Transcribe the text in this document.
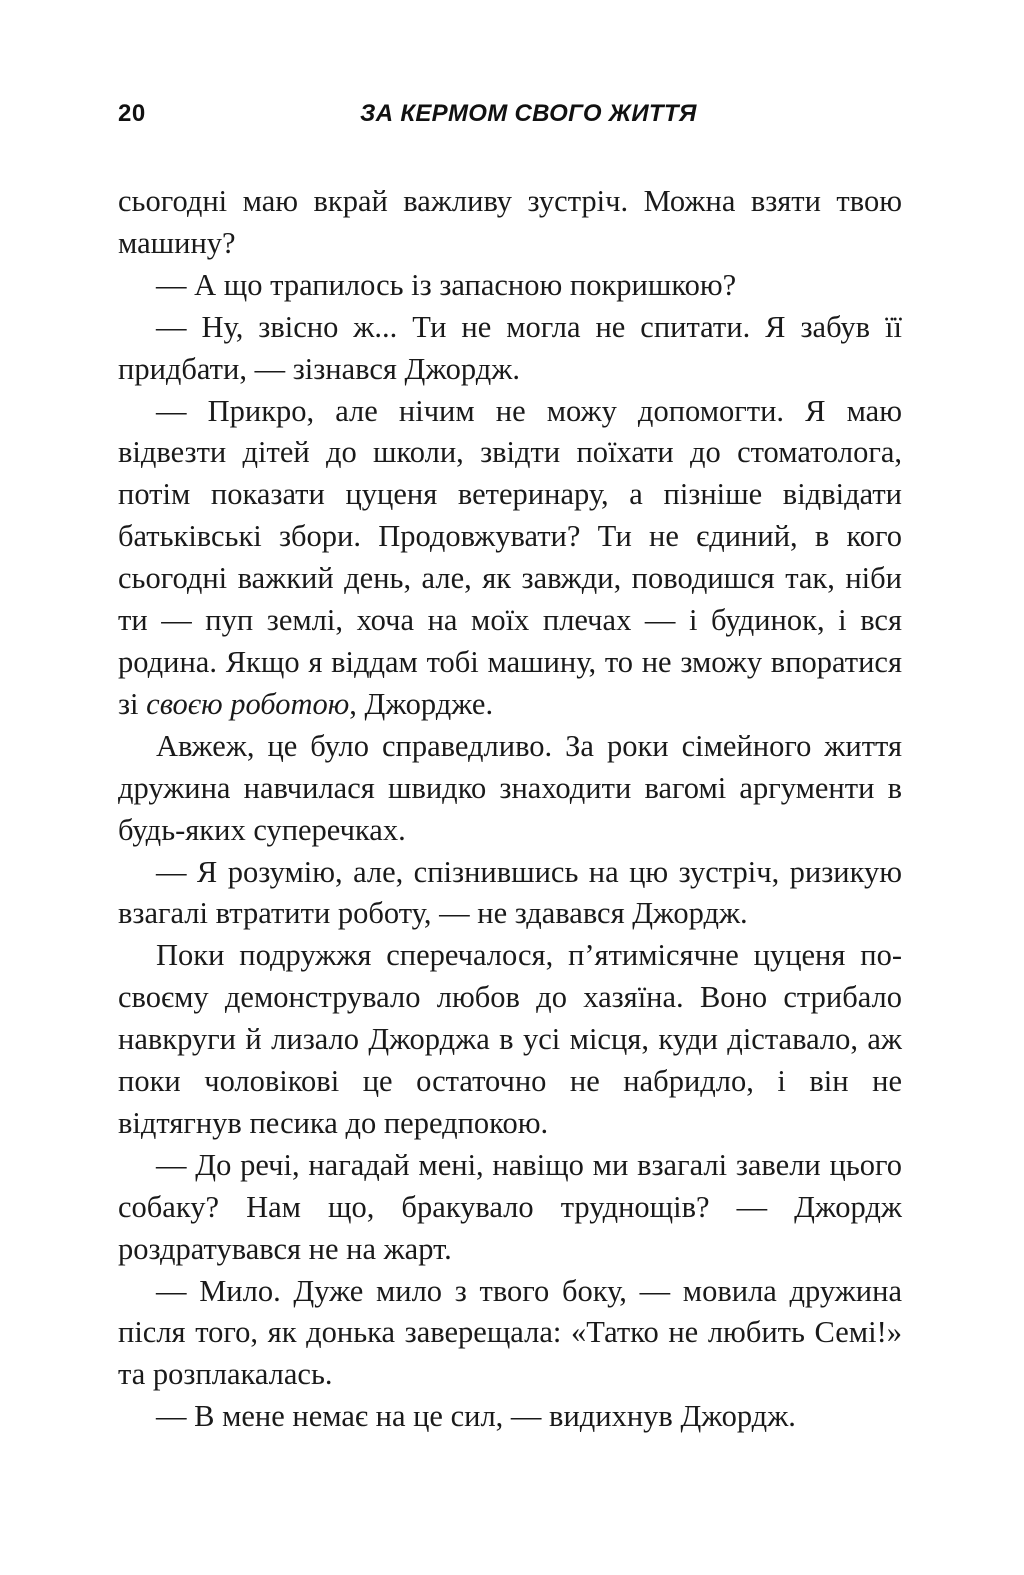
20	ЗА КЕРМОМ СВОГО ЖИТТЯ

сьогодні маю вкрай важливу зустріч. Можна взяти твою машину?

— А що трапилось із запасною покришкою?

— Ну, звісно ж... Ти не могла не спитати. Я забув її придбати, — зізнався Джордж.

— Прикро, але нічим не можу допомогти. Я маю відвезти дітей до школи, звідти поїхати до стоматолога, потім показати цуценя ветеринару, а пізніше відвідати батьківські збори. Продовжувати? Ти не єдиний, в кого сьогодні важкий день, але, як завжди, поводишся так, ніби ти — пуп землі, хоча на моїх плечах — і будинок, і вся родина. Якщо я віддам тобі машину, то не зможу впоратися зі своєю роботою, Джордже.

Авжеж, це було справедливо. За роки сімейного життя дружина навчилася швидко знаходити вагомі аргументи в будь-яких суперечках.

— Я розумію, але, спізнившись на цю зустріч, ризикую взагалі втратити роботу, — не здавався Джордж.

Поки подружжя сперечалося, п’ятимісячне цуценя по-своєму демонструвало любов до хазяїна. Воно стрибало навкруги й лизало Джорджа в усі місця, куди діставало, аж поки чоловікові це остаточно не набридло, і він не відтягнув песика до передпокою.

— До речі, нагадай мені, навіщо ми взагалі завели цього собаку? Нам що, бракувало труднощів? — Джордж роздратувався не на жарт.

— Мило. Дуже мило з твого боку, — мовила дружина після того, як донька заверещала: «Татко не любить Семі!» та розплакалась.

— В мене немає на це сил, — видихнув Джордж.
